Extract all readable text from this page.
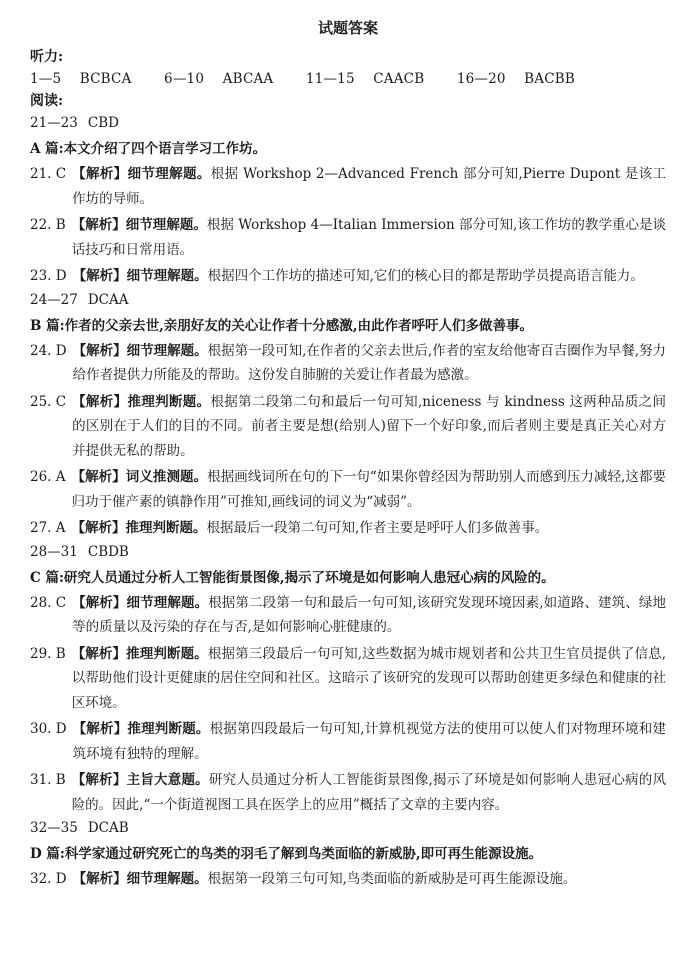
试题答案
听力:
1—5 BCBCA 6—10 ABCAA 11—15 CAACB 16—20 BACBB
阅读:
21—23 CBD
A 篇:本文介绍了四个语言学习工作坊。
21. C 【解析】细节理解题。根据 Workshop 2—Advanced French 部分可知,Pierre Dupont 是该工作坊的导师。
22. B 【解析】细节理解题。根据 Workshop 4—Italian Immersion 部分可知,该工作坊的教学重心是谈话技巧和日常用语。
23. D 【解析】细节理解题。根据四个工作坊的描述可知,它们的核心目的都是帮助学员提高语言能力。
24—27 DCAA
B 篇:作者的父亲去世,亲朋好友的关心让作者十分感激,由此作者呼吁人们多做善事。
24. D 【解析】细节理解题。根据第一段可知,在作者的父亲去世后,作者的室友给他寄百吉圈作为早餐,努力给作者提供力所能及的帮助。这份发自肺腑的关爱让作者最为感激。
25. C 【解析】推理判断题。根据第二段第二句和最后一句可知,niceness 与 kindness 这两种品质之间的区别在于人们的目的不同。前者主要是想(给别人)留下一个好印象,而后者则主要是真正关心对方并提供无私的帮助。
26. A 【解析】词义推测题。根据画线词所在句的下一句“如果你曾经因为帮助别人而感到压力减轻,这都要归功于催产素的镇静作用”可推知,画线词的词义为“减弱”。
27. A 【解析】推理判断题。根据最后一段第二句可知,作者主要是呼吁人们多做善事。
28—31 CBDB
C 篇:研究人员通过分析人工智能街景图像,揭示了环境是如何影响人患冠心病的风险的。
28. C 【解析】细节理解题。根据第二段第一句和最后一句可知,该研究发现环境因素,如道路、建筑、绿地等的质量以及污染的存在与否,是如何影响心脏健康的。
29. B 【解析】推理判断题。根据第三段最后一句可知,这些数据为城市规划者和公共卫生官员提供了信息,以帮助他们设计更健康的居住空间和社区。这暗示了该研究的发现可以帮助创建更多绿色和健康的社区环境。
30. D 【解析】推理判断题。根据第四段最后一句可知,计算机视觉方法的使用可以使人们对物理环境和建筑环境有独特的理解。
31. B 【解析】主旨大意题。研究人员通过分析人工智能街景图像,揭示了环境是如何影响人患冠心病的风险的。因此,“一个街道视图工具在医学上的应用”概括了文章的主要内容。
32—35 DCAB
D 篇:科学家通过研究死亡的鸟类的羽毛了解到鸟类面临的新威胁,即可再生能源设施。
32. D 【解析】细节理解题。根据第一段第三句可知,鸟类面临的新威胁是可再生能源设施。
